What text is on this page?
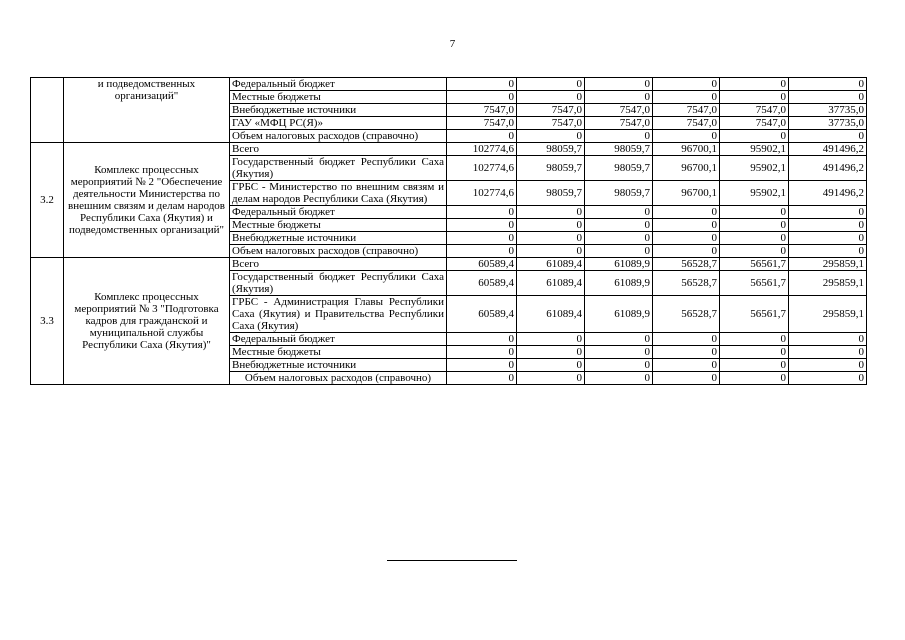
7
	и подведомственных организаций"	Федеральный бюджет	0	0	0	0	0	0
		Местные бюджеты	0	0	0	0	0	0
		Внебюджетные источники	7547,0	7547,0	7547,0	7547,0	7547,0	37735,0
		ГАУ «МФЦ РС(Я)»	7547,0	7547,0	7547,0	7547,0	7547,0	37735,0
		Объем налоговых расходов (справочно)	0	0	0	0	0	0
3.2	Комплекс процессных мероприятий № 2 "Обеспечение деятельности Министерства по внешним связям и делам народов Республики Саха (Якутия) и подведомственных организаций"	Всего	102774,6	98059,7	98059,7	96700,1	95902,1	491496,2
		Государственный бюджет Республики Саха (Якутия)	102774,6	98059,7	98059,7	96700,1	95902,1	491496,2
		ГРБС - Министерство по внешним связям и делам народов Республики Саха (Якутия)	102774,6	98059,7	98059,7	96700,1	95902,1	491496,2
		Федеральный бюджет	0	0	0	0	0	0
		Местные бюджеты	0	0	0	0	0	0
		Внебюджетные источники	0	0	0	0	0	0
		Объем налоговых расходов (справочно)	0	0	0	0	0	0
3.3	Комплекс процессных мероприятий № 3 "Подготовка кадров для гражданской и муниципальной службы Республики Саха (Якутия)"	Всего	60589,4	61089,4	61089,9	56528,7	56561,7	295859,1
		Государственный бюджет Республики Саха (Якутия)	60589,4	61089,4	61089,9	56528,7	56561,7	295859,1
		ГРБС - Администрация Главы Республики Саха (Якутия) и Правительства Республики Саха (Якутия)	60589,4	61089,4	61089,9	56528,7	56561,7	295859,1
		Федеральный бюджет	0	0	0	0	0	0
		Местные бюджеты	0	0	0	0	0	0
		Внебюджетные источники	0	0	0	0	0	0
		Объем налоговых расходов (справочно)	0	0	0	0	0	0
